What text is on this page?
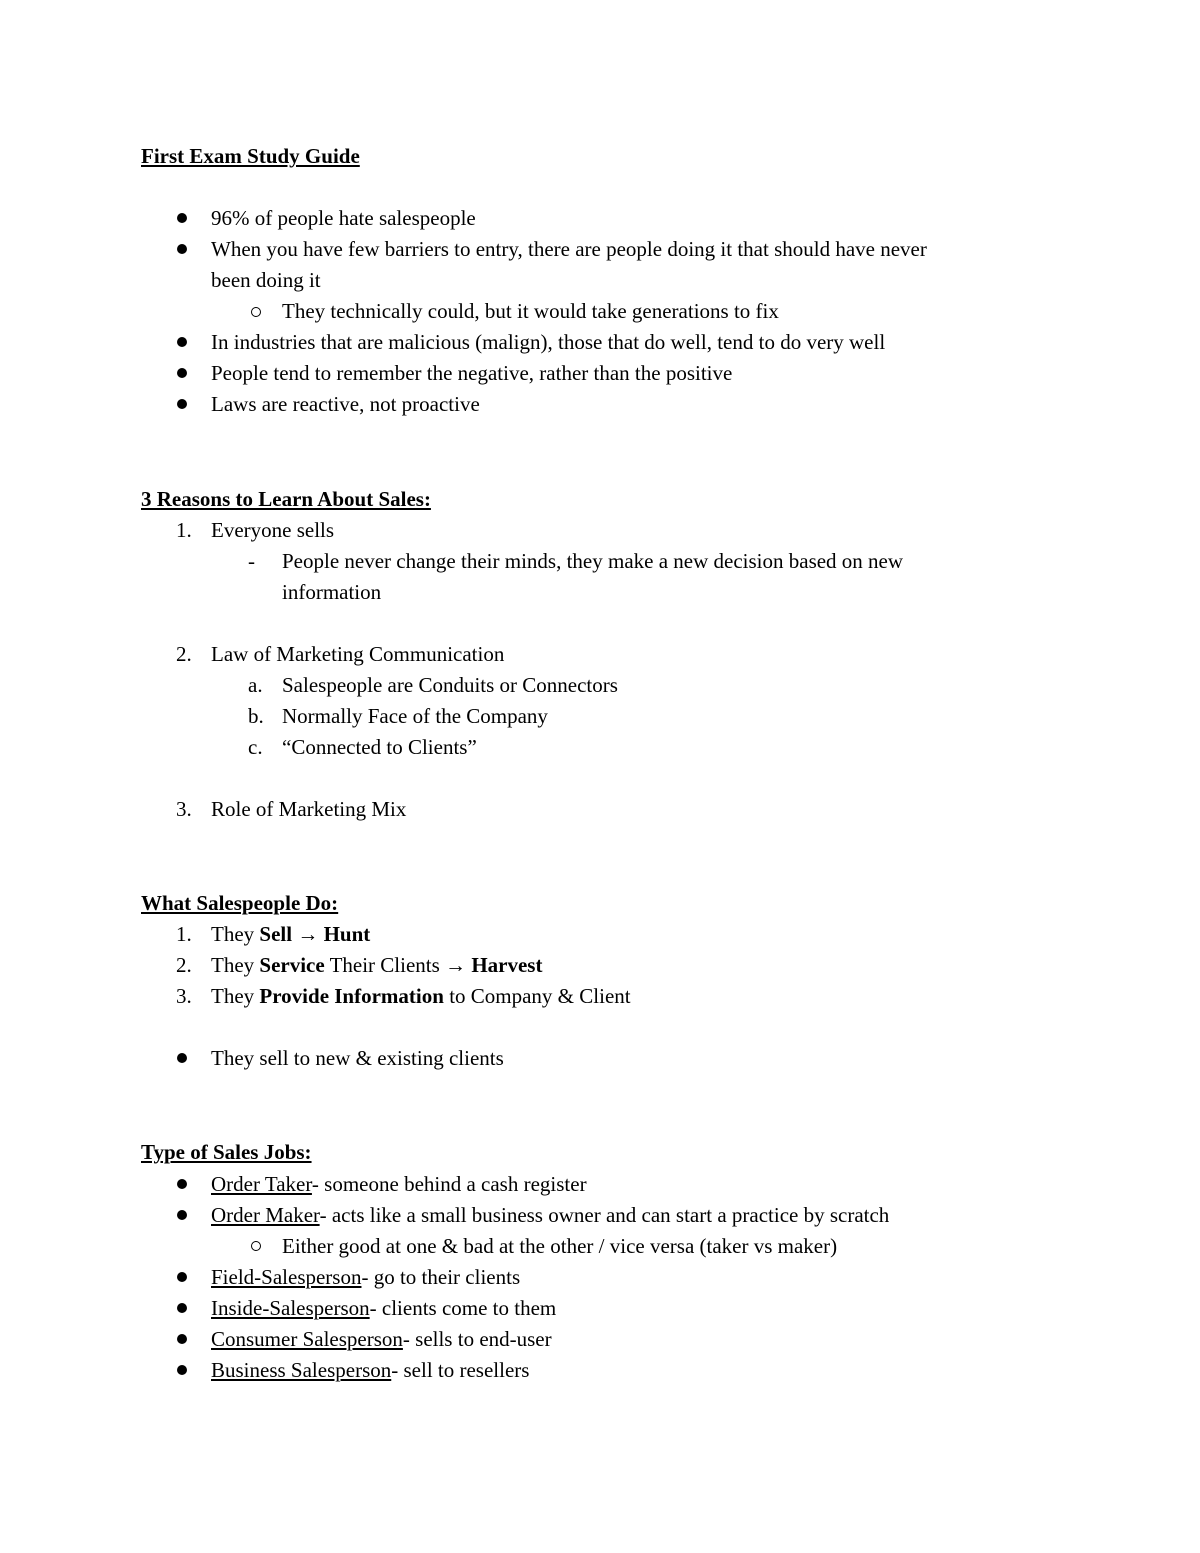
First Exam Study Guide
96% of people hate salespeople
When you have few barriers to entry, there are people doing it that should have never
been doing it
They technically could, but it would take generations to fix
In industries that are malicious (malign), those that do well, tend to do very well
People tend to remember the negative, rather than the positive
Laws are reactive, not proactive
3 Reasons to Learn About Sales:
1. Everyone sells
- People never change their minds, they make a new decision based on new
information
2. Law of Marketing Communication
a. Salespeople are Conduits or Connectors
b. Normally Face of the Company
c. “Connected to Clients”
3. Role of Marketing Mix
What Salespeople Do:
1. They Sell → Hunt
2. They Service Their Clients → Harvest
3. They Provide Information to Company & Client
They sell to new & existing clients
Type of Sales Jobs:
Order Taker- someone behind a cash register
Order Maker- acts like a small business owner and can start a practice by scratch
Either good at one & bad at the other / vice versa (taker vs maker)
Field-Salesperson- go to their clients
Inside-Salesperson- clients come to them
Consumer Salesperson- sells to end-user
Business Salesperson- sell to resellers
